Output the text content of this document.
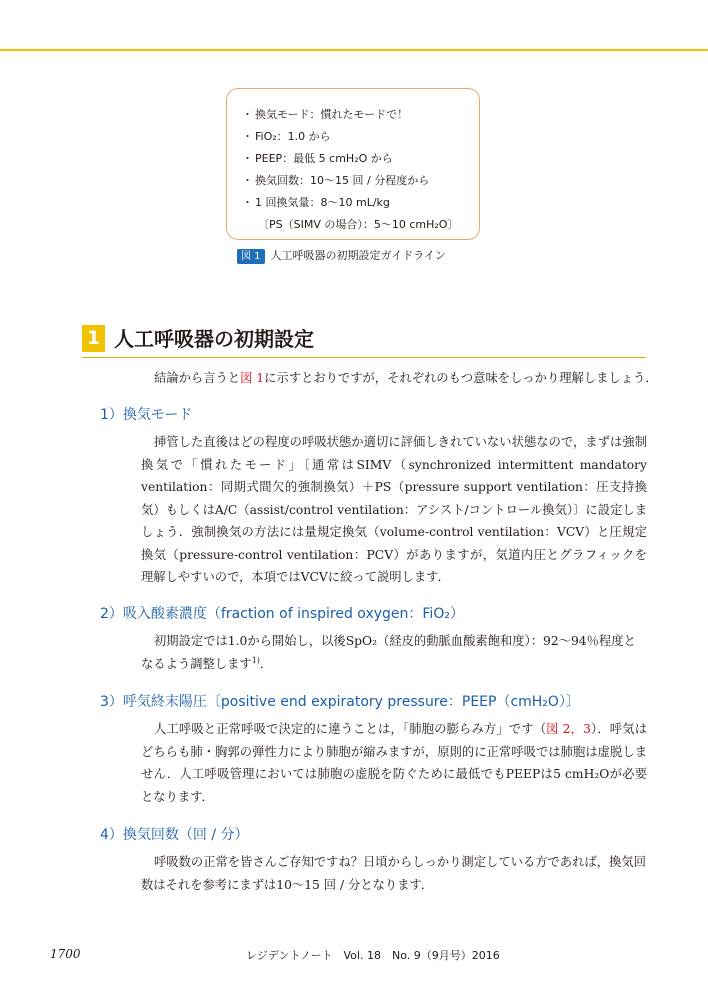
・ 換気モード：慣れたモードで！
・ FiO₂：1.0 から
・ PEEP：最低 5 cmH₂O から
・ 換気回数：10〜15 回 / 分程度から
・ 1 回換気量：8〜10 mL/kg
〔PS（SIMV の場合）：5〜10 cmH₂O〕
図 1 人工呼吸器の初期設定ガイドライン
1 人工呼吸器の初期設定
結論から言うと図 1に示すとおりですが，それぞれのもつ意味をしっかり理解しましょう．
1）換気モード
挿管した直後はどの程度の呼吸状態か適切に評価しきれていない状態なので，まずは強制換気で「慣れたモード」〔通常はSIMV（synchronized intermittent mandatory ventilation：同期式間欠的強制換気）＋PS（pressure support ventilation：圧支持換気）もしくはA/C（assist/control ventilation：アシスト/コントロール換気）〕に設定しましょう．強制換気の方法には量規定換気（volume-control ventilation：VCV）と圧規定換気（pressure-control ventilation：PCV）がありますが，気道内圧とグラフィックを理解しやすいので，本項ではVCVに絞って説明します．
2）吸入酸素濃度（fraction of inspired oxygen：FiO₂）
初期設定では1.0から開始し，以後SpO₂（経皮的動脈血酸素飽和度）：92〜94％程度となるよう調整します$^{1)}$．
3）呼気終末陽圧〔positive end expiratory pressure：PEEP（cmH₂O）〕
人工呼吸と正常呼吸で決定的に違うことは，「肺胞の膨らみ方」です（図 2，3）．呼気はどちらも肺・胸郭の弾性力により肺胞が縮みますが，原則的に正常呼吸では肺胞は虚脱しません．人工呼吸管理においては肺胞の虚脱を防ぐために最低でもPEEPは5 cmH₂Oが必要となります．
4）換気回数（回 / 分）
呼吸数の正常を皆さんご存知ですね？日頃からしっかり測定している方であれば，換気回数はそれを参考にまずは10〜15 回 / 分となります．
1700	レジデントノート　Vol. 18　No. 9（9月号）2016
